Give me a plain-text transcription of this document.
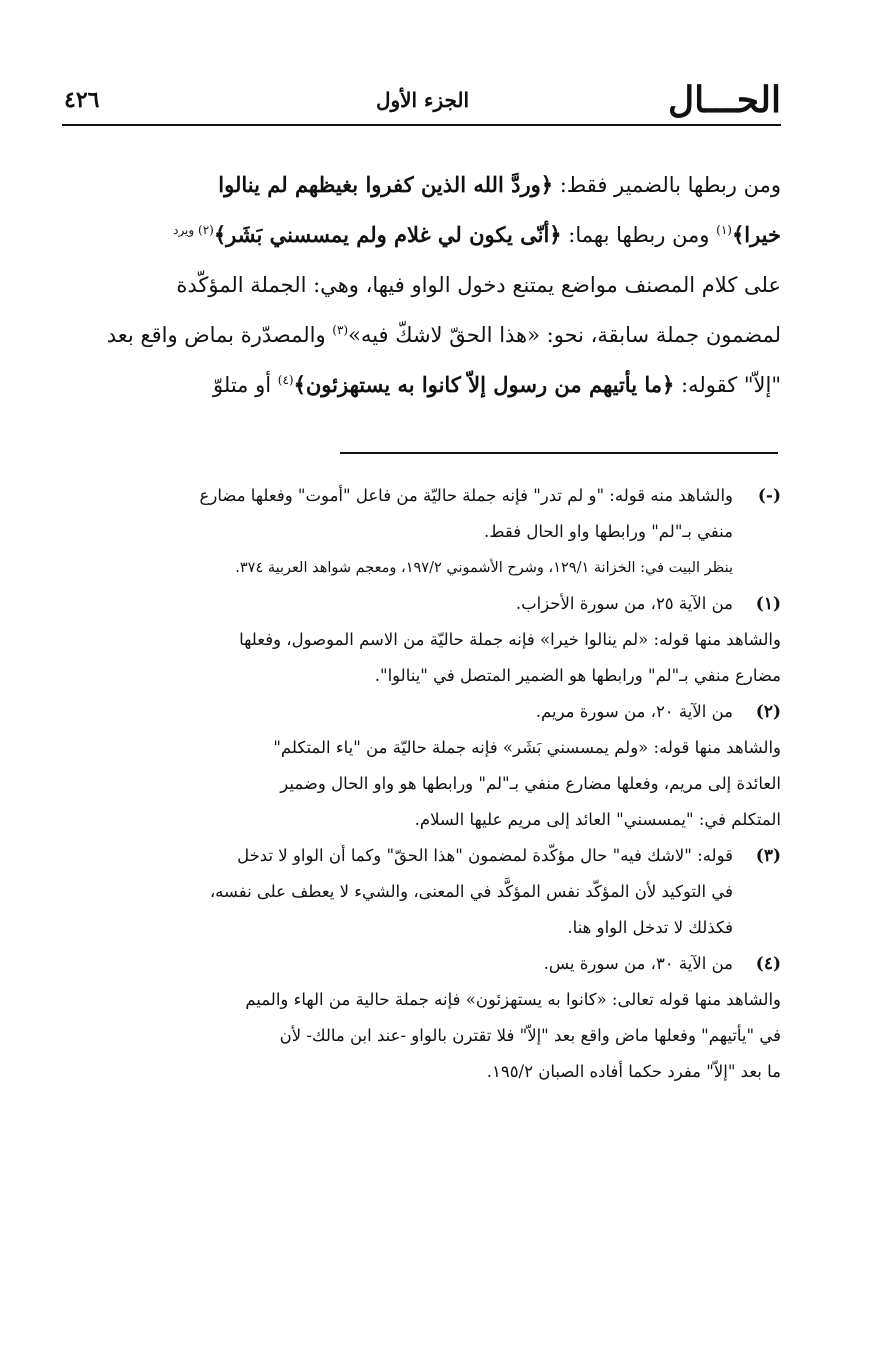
الحـــال
الجزء الأول
٤٢٦
ومن ربطها بالضمير فقط: ﴿وردَّ الله الذين كفروا بغيظهم لم ينالوا
خيرا﴾$^{(١)}$ ومن ربطها بهما: ﴿أنّى يكون لي غلام ولم يمسسني بَشَر﴾$^{(٢) ويرد}$
على كلام المصنف مواضع يمتنع دخول الواو فيها، وهي: الجملة المؤكّدة
لمضمون جملة سابقة، نحو: «هذا الحقّ لاشكّ فيه»$^{(٣)}$ والمصدّرة بماض واقع بعد
"إلاّ" كقوله: ﴿ما يأتيهم من رسول إلاّ كانوا به يستهزئون﴾$^{(٤)}$ أو متلوّ
(-)
والشاهد منه قوله: "و لم تدر" فإنه جملة حاليّة من فاعل "أموت" وفعلها مضارع
منفي بـ"لم" ورابطها واو الحال فقط.
ينظر البيت في: الخزانة ١٢٩/١، وشرح الأشموني ١٩٧/٢، ومعجم شواهد العربية ٣٧٤.
(١)
من الآية ٢٥، من سورة الأحزاب.
والشاهد منها قوله: «لم ينالوا خيرا» فإنه جملة حاليّة من الاسم الموصول، وفعلها
مضارع منفي بـ"لم" ورابطها هو الضمير المتصل في "ينالوا".
(٢)
من الآية ٢٠، من سورة مريم.
والشاهد منها قوله: «ولم يمسسني بَشَر» فإنه جملة حاليّة من "ياء المتكلم"
العائدة إلى مريم، وفعلها مضارع منفي بـ"لم" ورابطها هو واو الحال وضمير
المتكلم في: "يمسسني" العائد إلى مريم عليها السلام.
(٣)
قوله: "لاشك فيه" حال مؤكّدة لمضمون "هذا الحقّ" وكما أن الواو لا تدخل
في التوكيد لأن المؤكّد نفس المؤكَّد في المعنى، والشيء لا يعطف على نفسه،
فكذلك لا تدخل الواو هنا.
(٤)
من الآية ٣٠، من سورة يس.
والشاهد منها قوله تعالى: «كانوا به يستهزئون» فإنه جملة حالية من الهاء والميم
في "يأتيهم" وفعلها ماض واقع بعد "إلاّ" فلا تقترن بالواو -عند ابن مالك- لأن
ما بعد "إلاّ" مفرد حكما أفاده الصبان ١٩٥/٢.
